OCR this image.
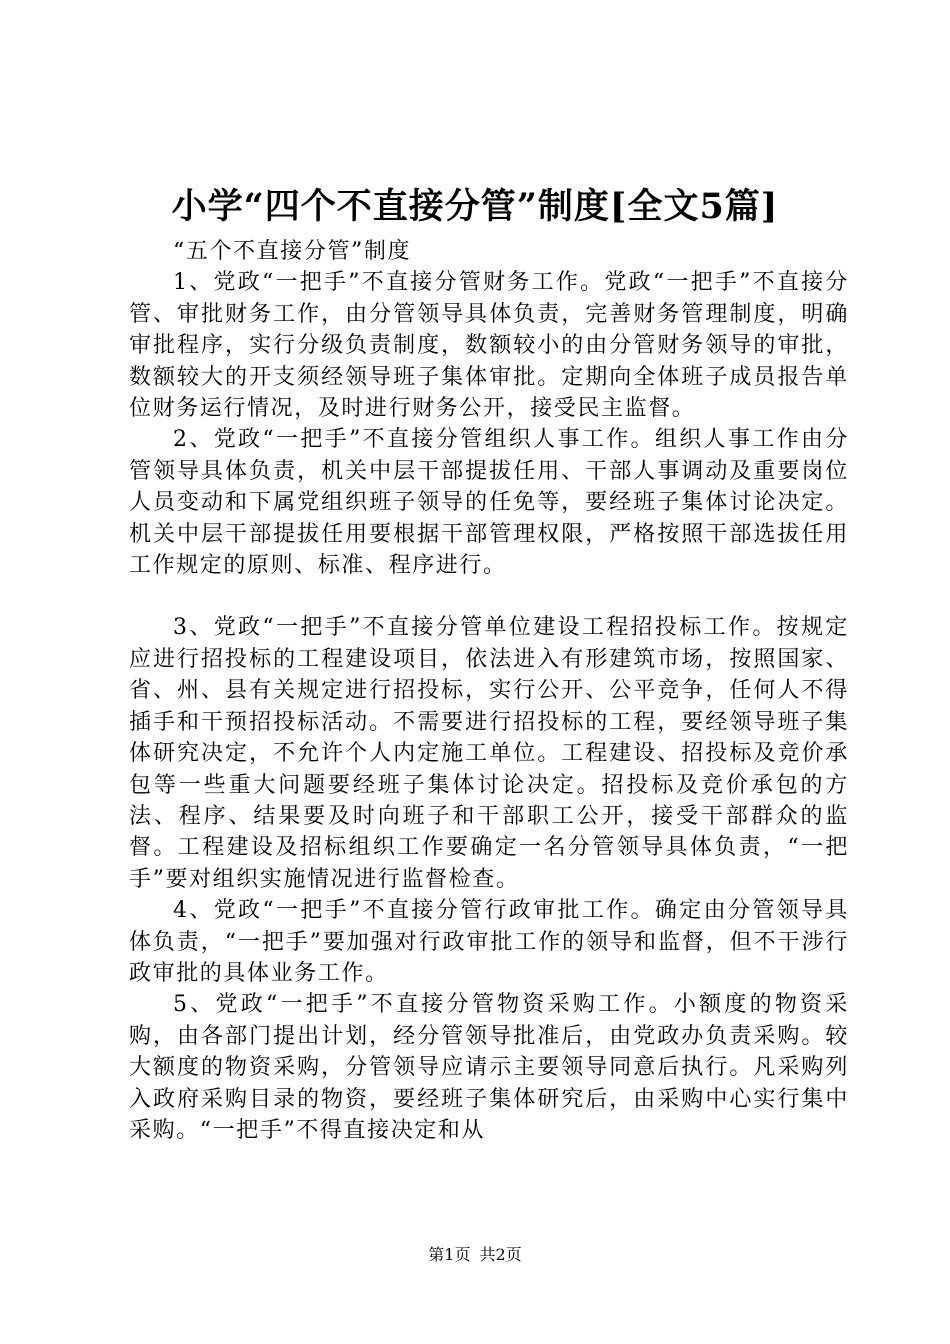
小学“四个不直接分管”制度[全文5篇]

“五个不直接分管”制度

1、党政“一把手”不直接分管财务工作。党政“一把手”不直接分管、审批财务工作，由分管领导具体负责，完善财务管理制度，明确审批程序，实行分级负责制度，数额较小的由分管财务领导的审批，数额较大的开支须经领导班子集体审批。定期向全体班子成员报告单位财务运行情况，及时进行财务公开，接受民主监督。

2、党政“一把手”不直接分管组织人事工作。组织人事工作由分管领导具体负责，机关中层干部提拔任用、干部人事调动及重要岗位人员变动和下属党组织班子领导的任免等，要经班子集体讨论决定。机关中层干部提拔任用要根据干部管理权限，严格按照干部选拔任用工作规定的原则、标准、程序进行。

3、党政“一把手”不直接分管单位建设工程招投标工作。按规定应进行招投标的工程建设项目，依法进入有形建筑市场，按照国家、省、州、县有关规定进行招投标，实行公开、公平竞争，任何人不得插手和干预招投标活动。不需要进行招投标的工程，要经领导班子集体研究决定，不允许个人内定施工单位。工程建设、招投标及竞价承包等一些重大问题要经班子集体讨论决定。招投标及竞价承包的方法、程序、结果要及时向班子和干部职工公开，接受干部群众的监督。工程建设及招标组织工作要确定一名分管领导具体负责，“一把手”要对组织实施情况进行监督检查。

4、党政“一把手”不直接分管行政审批工作。确定由分管领导具体负责，“一把手”要加强对行政审批工作的领导和监督，但不干涉行政审批的具体业务工作。

5、党政“一把手”不直接分管物资采购工作。小额度的物资采购，由各部门提出计划，经分管领导批准后，由党政办负责采购。较大额度的物资采购，分管领导应请示主要领导同意后执行。凡采购列入政府采购目录的物资，要经班子集体研究后，由采购中心实行集中采购。“一把手”不得直接决定和从

第1页 共2页
